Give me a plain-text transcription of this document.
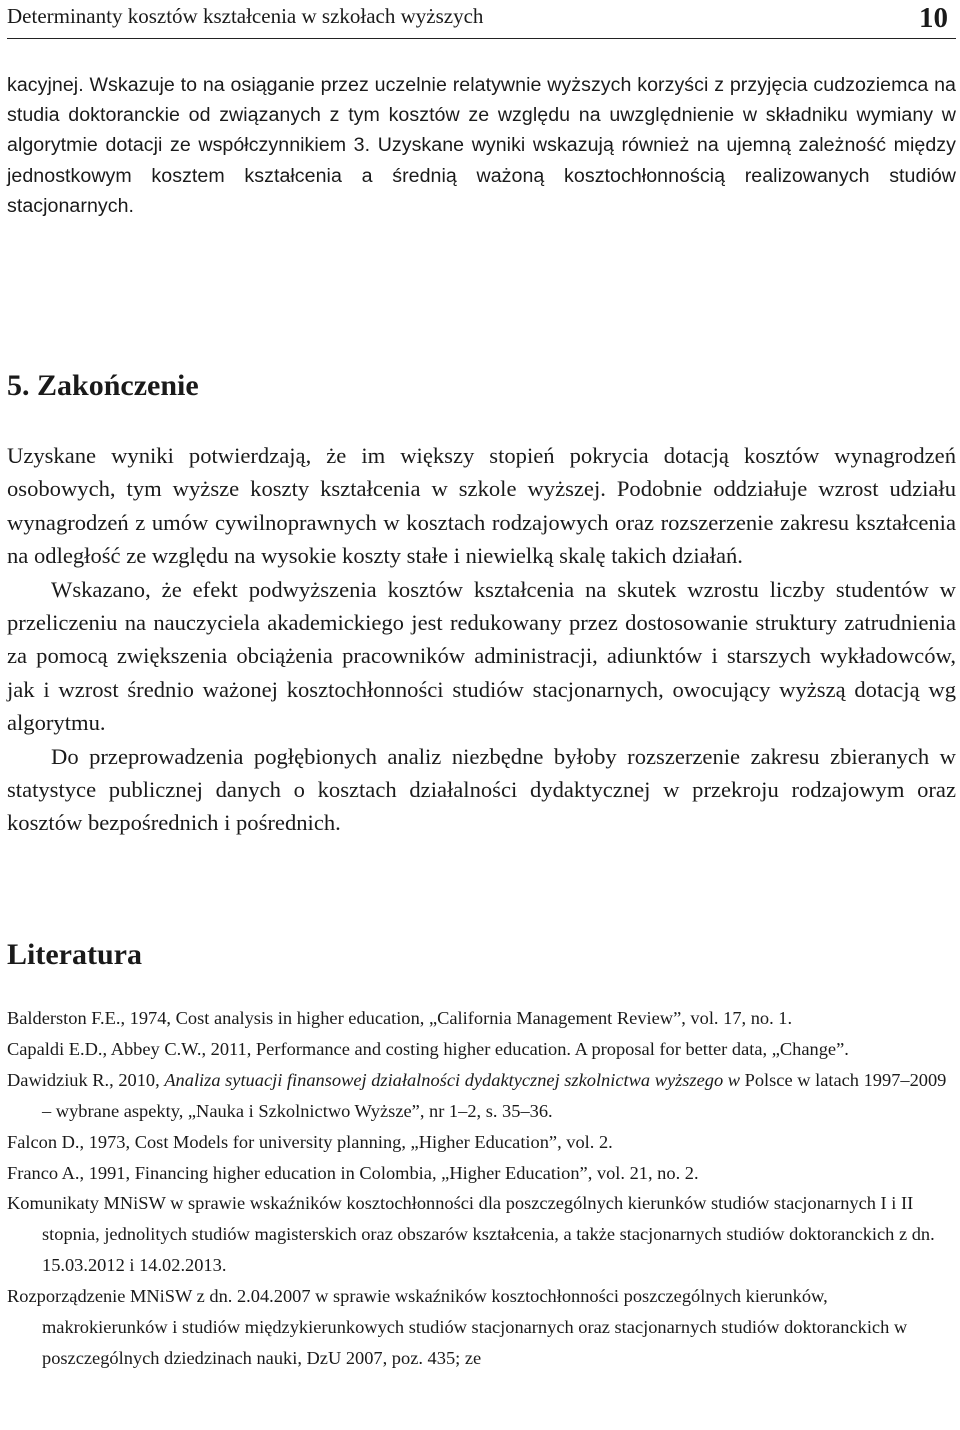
Determinanty kosztów kształcenia w szkołach wyższych	10

kacyjnej. Wskazuje to na osiąganie przez uczelnie relatywnie wyższych korzyści z przyjęcia cudzoziemca na studia doktoranckie od związanych z tym kosztów ze względu na uwzględnienie w składniku wymiany w algorytmie dotacji ze współczynnikiem 3. Uzyskane wyniki wskazują również na ujemną zależność między jednostkowym kosztem kształcenia a średnią ważoną kosztochłonnością realizowanych studiów stacjonarnych.

5. Zakończenie

Uzyskane wyniki potwierdzają, że im większy stopień pokrycia dotacją kosztów wynagrodzeń osobowych, tym wyższe koszty kształcenia w szkole wyższej. Podobnie oddziałuje wzrost udziału wynagrodzeń z umów cywilnoprawnych w kosztach rodzajowych oraz rozszerzenie zakresu kształcenia na odległość ze względu na wysokie koszty stałe i niewielką skalę takich działań.

Wskazano, że efekt podwyższenia kosztów kształcenia na skutek wzrostu liczby studentów w przeliczeniu na nauczyciela akademickiego jest redukowany przez dostosowanie struktury zatrudnienia za pomocą zwiększenia obciążenia pracowników administracji, adiunktów i starszych wykładowców, jak i wzrost średnio ważonej kosztochłonności studiów stacjonarnych, owocujący wyższą dotacją wg algorytmu.

Do przeprowadzenia pogłębionych analiz niezbędne byłoby rozszerzenie zakresu zbieranych w statystyce publicznej danych o kosztach działalności dydaktycznej w przekroju rodzajowym oraz kosztów bezpośrednich i pośrednich.

Literatura

Balderston F.E., 1974, Cost analysis in higher education, „California Management Review”, vol. 17, no. 1.

Capaldi E.D., Abbey C.W., 2011, Performance and costing higher education. A proposal for better data, „Change”.

Dawidziuk R., 2010, Analiza sytuacji finansowej działalności dydaktycznej szkolnictwa wyższego w Polsce w latach 1997–2009 – wybrane aspekty, „Nauka i Szkolnictwo Wyższe”, nr 1–2, s. 35–36.

Falcon D., 1973, Cost Models for university planning, „Higher Education”, vol. 2.

Franco A., 1991, Financing higher education in Colombia, „Higher Education”, vol. 21, no. 2.

Komunikaty MNiSW w sprawie wskaźników kosztochłonności dla poszczególnych kierunków studiów stacjonarnych I i II stopnia, jednolitych studiów magisterskich oraz obszarów kształcenia, a także stacjonarnych studiów doktoranckich z dn. 15.03.2012 i 14.02.2013.

Rozporządzenie MNiSW z dn. 2.04.2007 w sprawie wskaźników kosztochłonności poszczególnych kierunków, makrokierunków i studiów międzykierunkowych studiów stacjonarnych oraz stacjonarnych studiów doktoranckich w poszczególnych dziedzinach nauki, DzU 2007, poz. 435; ze
